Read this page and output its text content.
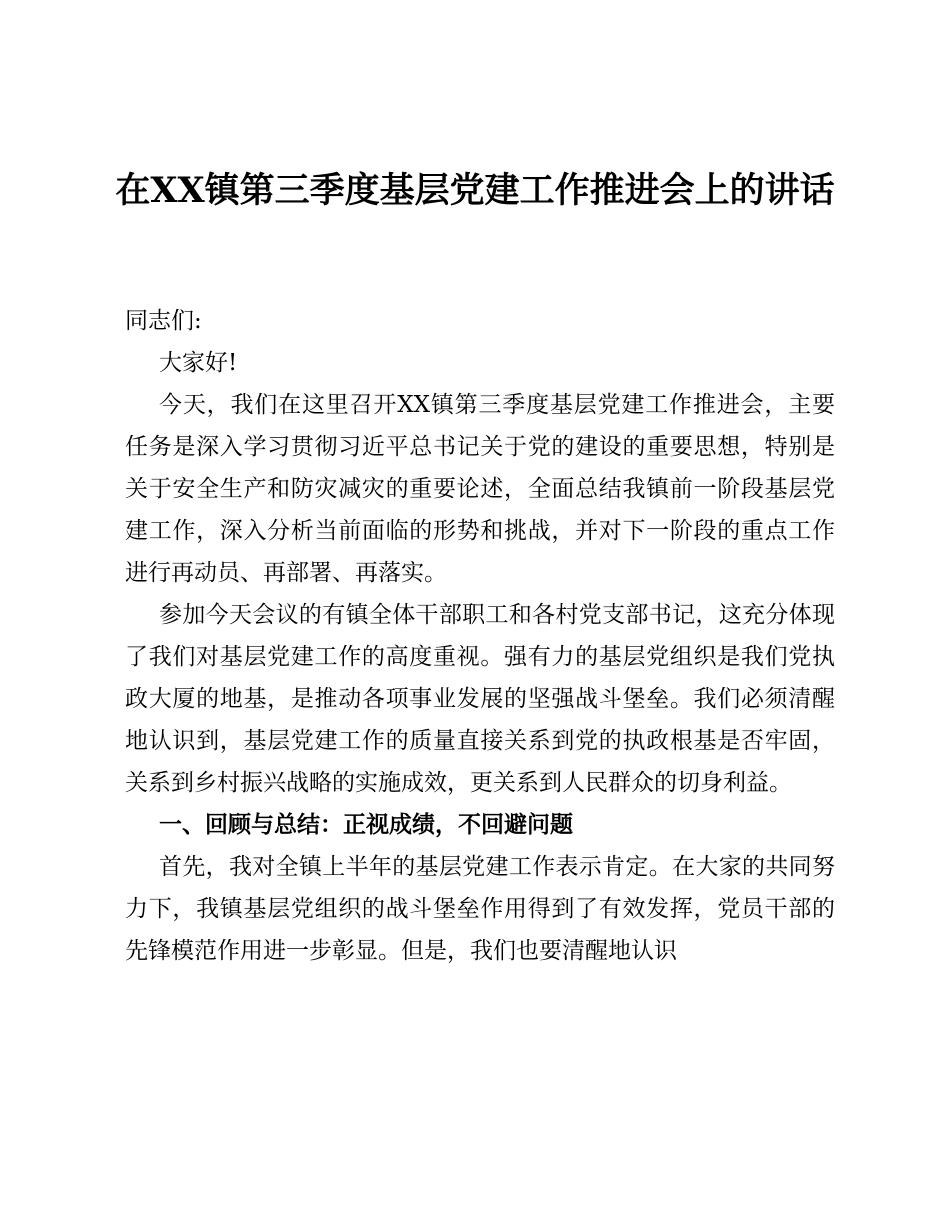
在XX镇第三季度基层党建工作推进会上的讲话

同志们:

大家好!

今天，我们在这里召开XX镇第三季度基层党建工作推进会，主要任务是深入学习贯彻习近平总书记关于党的建设的重要思想，特别是关于安全生产和防灾减灾的重要论述，全面总结我镇前一阶段基层党建工作，深入分析当前面临的形势和挑战，并对下一阶段的重点工作进行再动员、再部署、再落实。

参加今天会议的有镇全体干部职工和各村党支部书记，这充分体现了我们对基层党建工作的高度重视。强有力的基层党组织是我们党执政大厦的地基，是推动各项事业发展的坚强战斗堡垒。我们必须清醒地认识到，基层党建工作的质量直接关系到党的执政根基是否牢固，关系到乡村振兴战略的实施成效，更关系到人民群众的切身利益。

一、回顾与总结：正视成绩，不回避问题

首先，我对全镇上半年的基层党建工作表示肯定。在大家的共同努力下，我镇基层党组织的战斗堡垒作用得到了有效发挥，党员干部的先锋模范作用进一步彰显。但是，我们也要清醒地认识
